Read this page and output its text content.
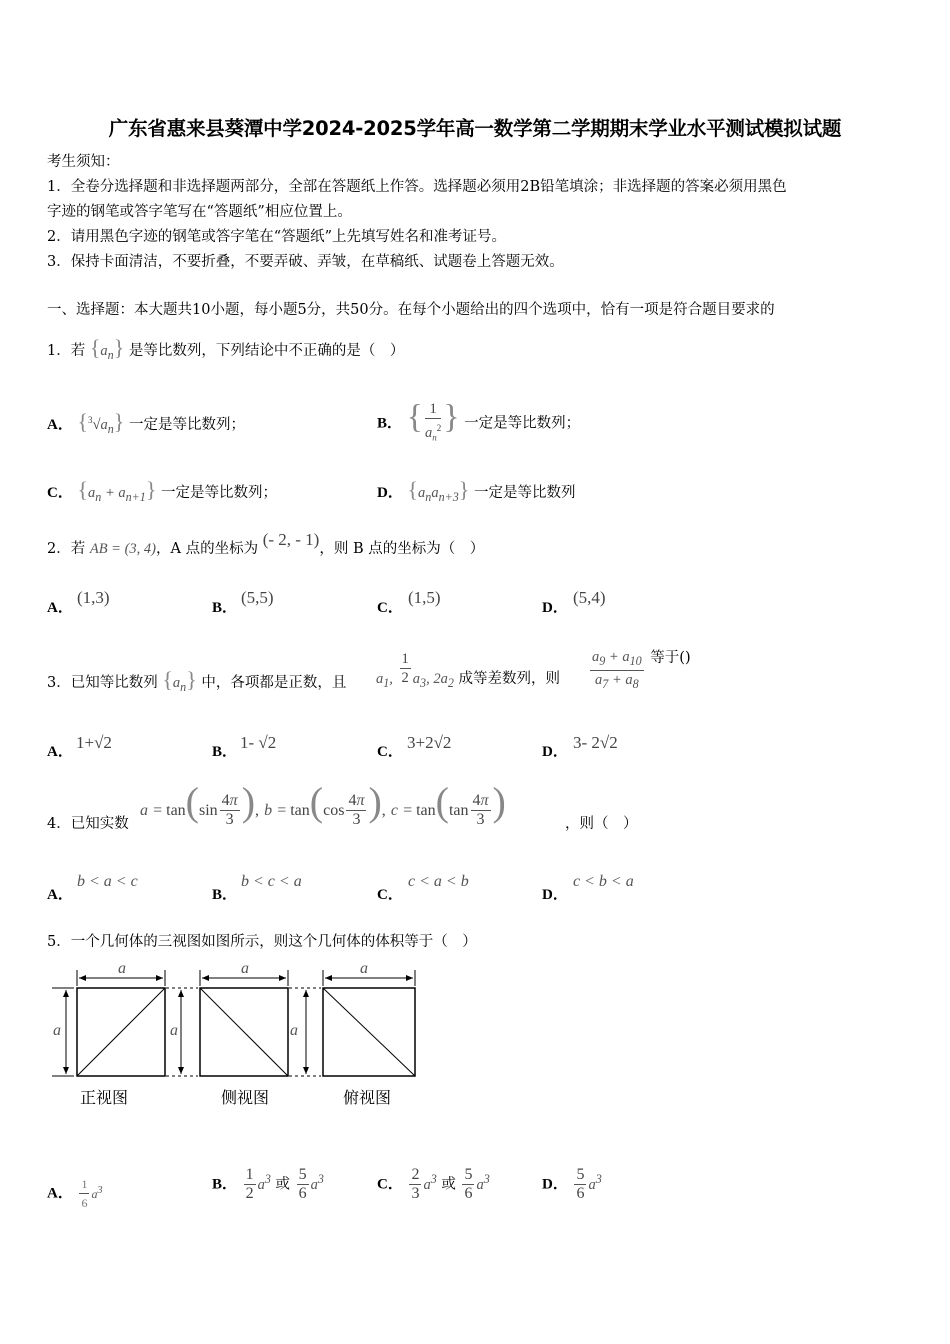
广东省惠来县葵潭中学2024-2025学年高一数学第二学期期末学业水平测试模拟试题
考生须知：
1．全卷分选择题和非选择题两部分，全部在答题纸上作答。选择题必须用2B铅笔填涂；非选择题的答案必须用黑色
字迹的钢笔或答字笔写在“答题纸”相应位置上。
2．请用黑色字迹的钢笔或答字笔在“答题纸”上先填写姓名和准考证号。
3．保持卡面清洁，不要折叠，不要弄破、弄皱，在草稿纸、试题卷上答题无效。
一、选择题：本大题共10小题，每小题5分，共50分。在每个小题给出的四个选项中，恰有一项是符合题目要求的
1．若 $\{a_n\}$ 是等比数列，下列结论中不正确的是（　）
A． $\{^3√a_n\}$ 一定是等比数列；	B． { $\frac{1}{a_n^2}$ } 一定是等比数列；
C． $\{a_n + a_{n+1}\}$ 一定是等比数列；	D． $\{a_na_{n+3}\}$ 一定是等比数列
2．若 AB = (3, 4)，A 点的坐标为 (- 2, - 1)，则 B 点的坐标为（　）
A．
(1,3)
B．
(5,5)
C．
(1,5)
D．
(5,4)
3．已知等比数列 $\{a_n\}$ 中，各项都是正数，且 $a_1$, $\frac{1}{2} a_3$, $2a_2$ 成等差数列，则 $\frac{a_9 + a_{10}}{a_7 + a_8}$ 等于()
A． 1+√2	B． 1- √2	C． 3+2√2	D． 3- 2√2
4．已知实数
$a = \tan(\sin \frac{4\pi}{3}$ ), $b = \tan(\cos \frac{4\pi}{3}$ ), $c = \tan(\tan \frac{4\pi}{3}$ )	，则（　）
A．
b < a < c
B．
b < c < a
C．
c < a < b
D．
c < b < a
5．一个几何体的三视图如图所示，则这个几何体的体积等于（　）
a
a
a
a
a
a
正视图	侧视图	俯视图
A． $\frac{1}{6} a^3$	B． $\frac{1}{2} a^3$ 或 $\frac{5}{6} a^3$	C． $\frac{2}{3} a^3$ 或 $\frac{5}{6} a^3$	D． $\frac{5}{6} a^3$
